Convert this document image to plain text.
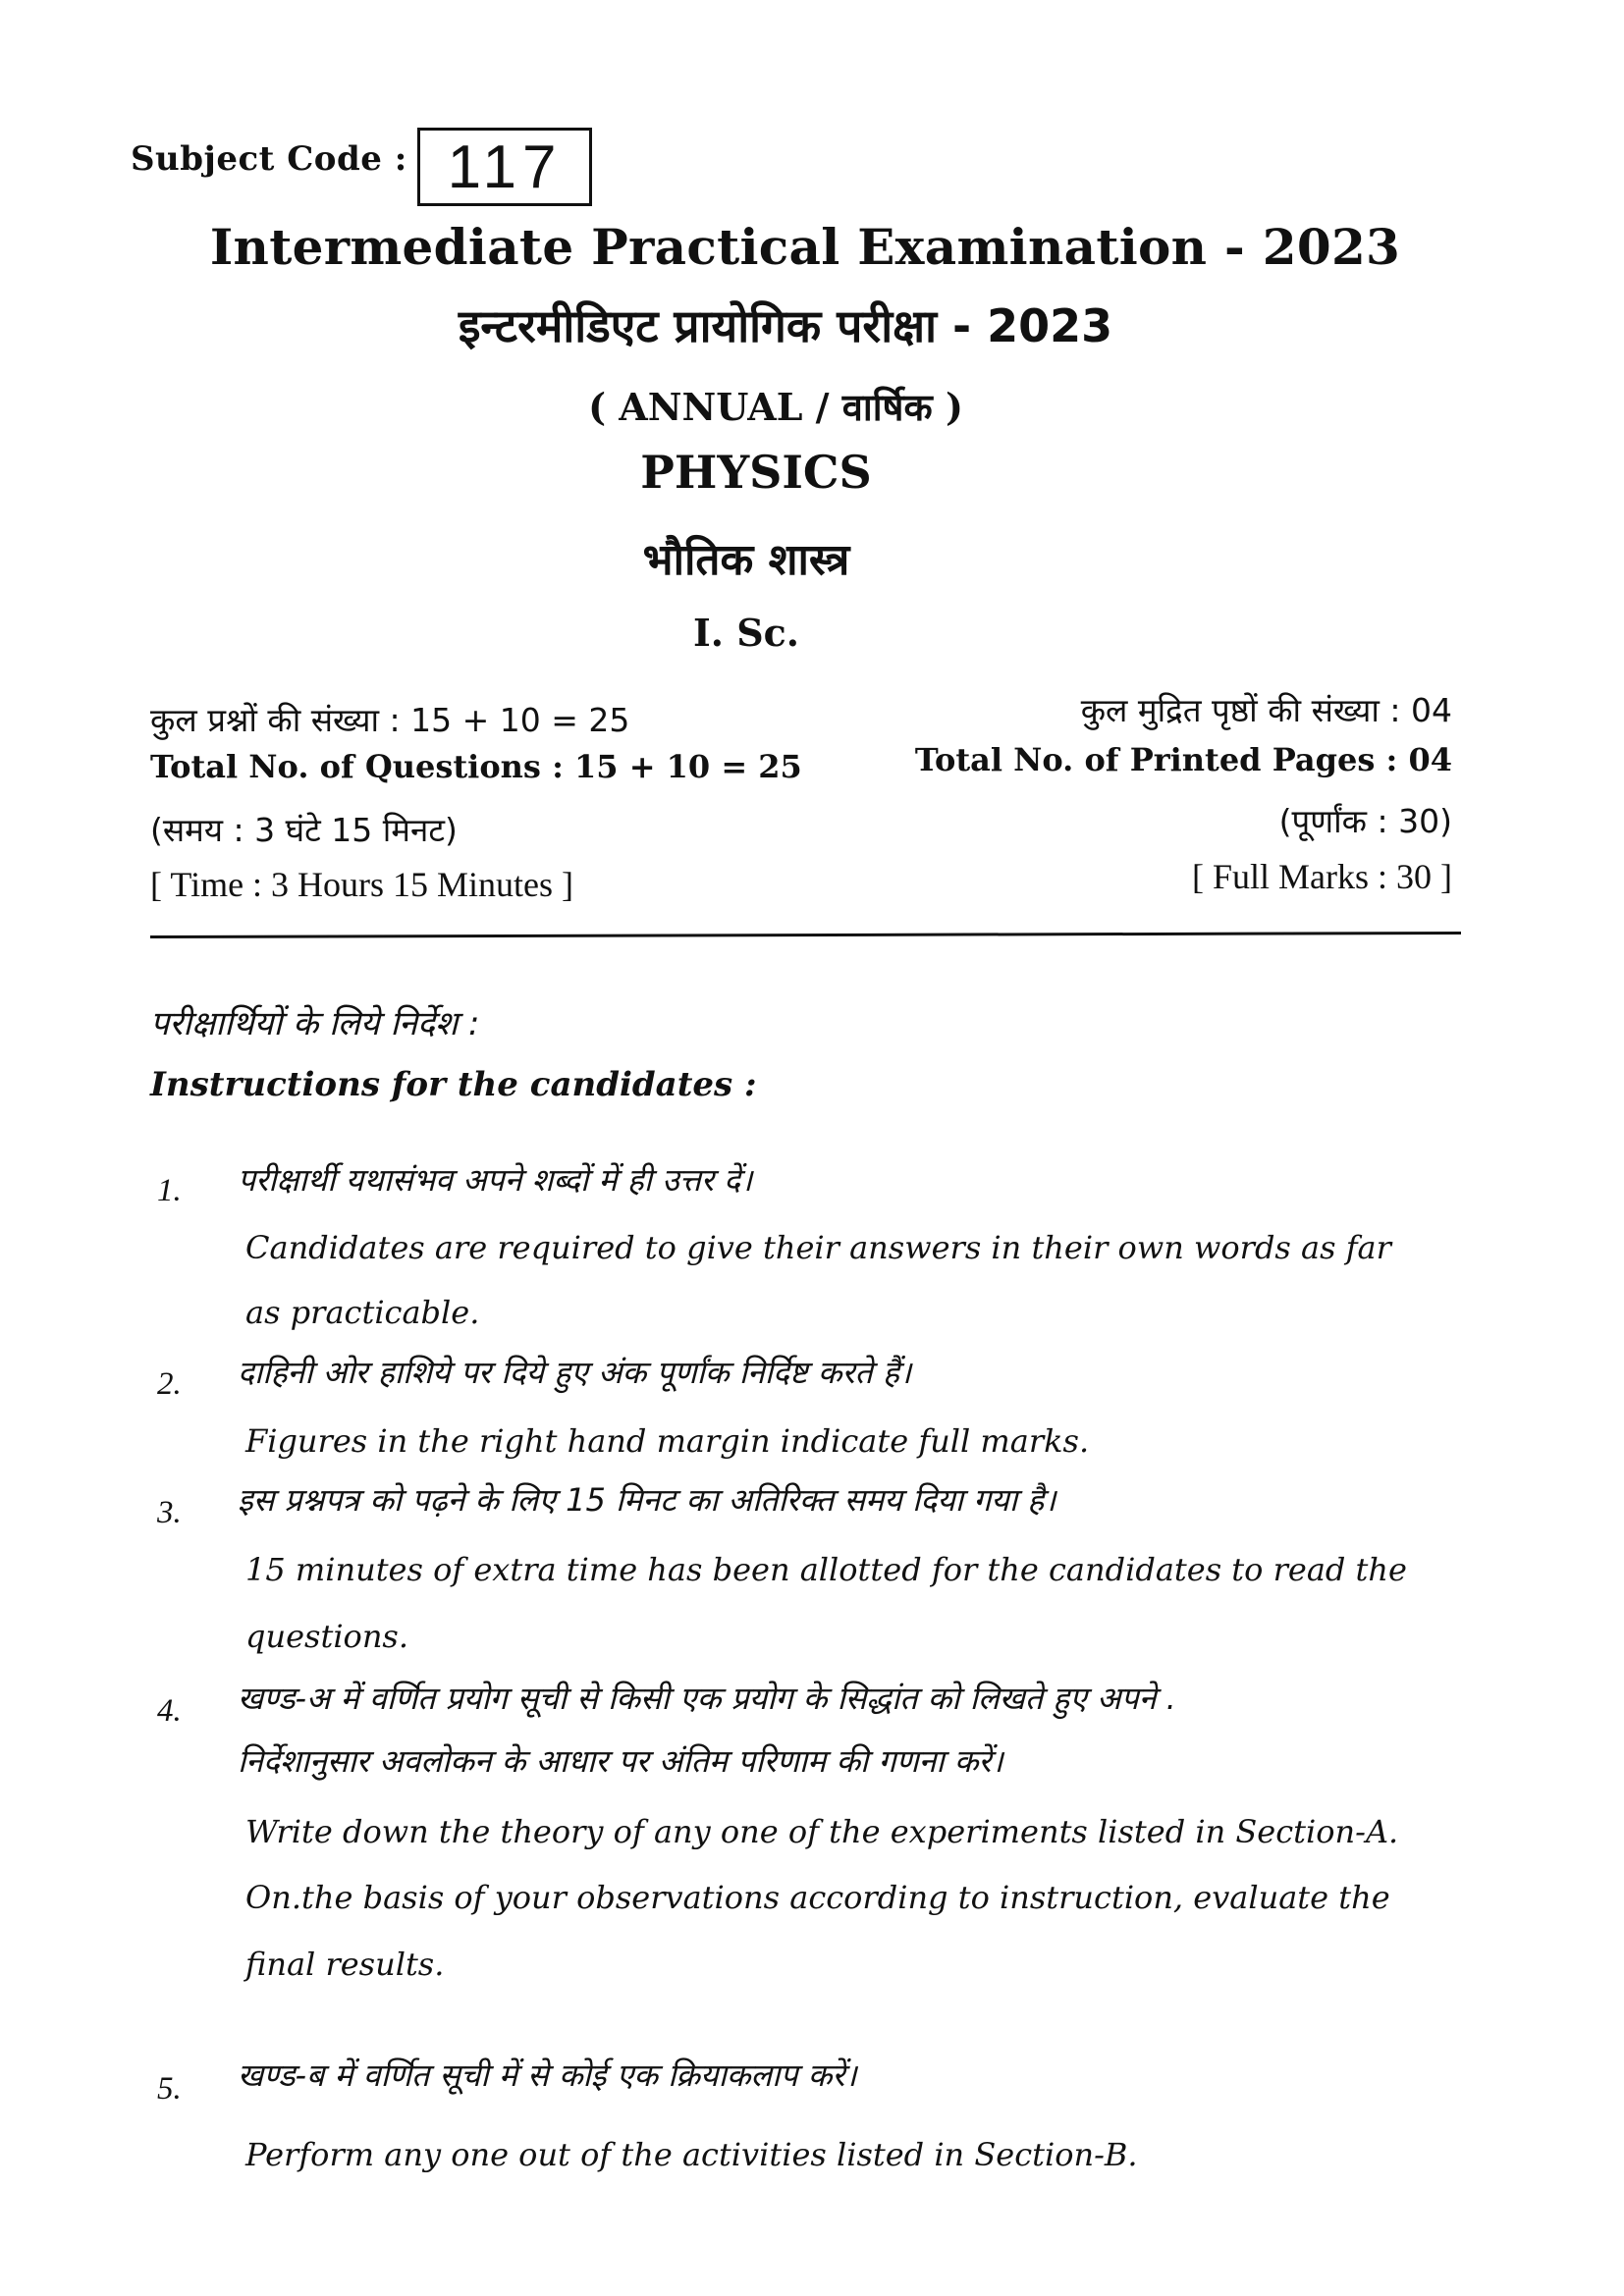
Subject Code : 117
Intermediate Practical Examination - 2023
इन्टरमीडिएट प्रायोगिक परीक्षा - 2023
( ANNUAL / वार्षिक )
PHYSICS
भौतिक शास्त्र
I. Sc.
कुल प्रश्नों की संख्या : 15 + 10 = 25
Total No. of Questions : 15 + 10 = 25
(समय : 3 घंटे 15 मिनट)
[ Time : 3 Hours 15 Minutes ]
कुल मुद्रित पृष्ठों की संख्या : 04
Total No. of Printed Pages : 04
(पूर्णांक : 30)
[ Full Marks : 30 ]
परीक्षार्थियों के लिये निर्देश :
Instructions for the candidates :
1. परीक्षार्थी यथासंभव अपने शब्दों में ही उत्तर दें।
Candidates are required to give their answers in their own words as far
as practicable.
2. दाहिनी ओर हाशिये पर दिये हुए अंक पूर्णांक निर्दिष्ट करते हैं।
Figures in the right hand margin indicate full marks.
3. इस प्रश्नपत्र को पढ़ने के लिए 15 मिनट का अतिरिक्त समय दिया गया है।
15 minutes of extra time has been allotted for the candidates to read the
questions.
4. खण्ड-अ में वर्णित प्रयोग सूची से किसी एक प्रयोग के सिद्धांत को लिखते हुए अपने .
निर्देशानुसार अवलोकन के आधार पर अंतिम परिणाम की गणना करें।
Write down the theory of any one of the experiments listed in Section-A.
On.the basis of your observations according to instruction, evaluate the
final results.
5. खण्ड-ब में वर्णित सूची में से कोई एक क्रियाकलाप करें।
Perform any one out of the activities listed in Section-B.
